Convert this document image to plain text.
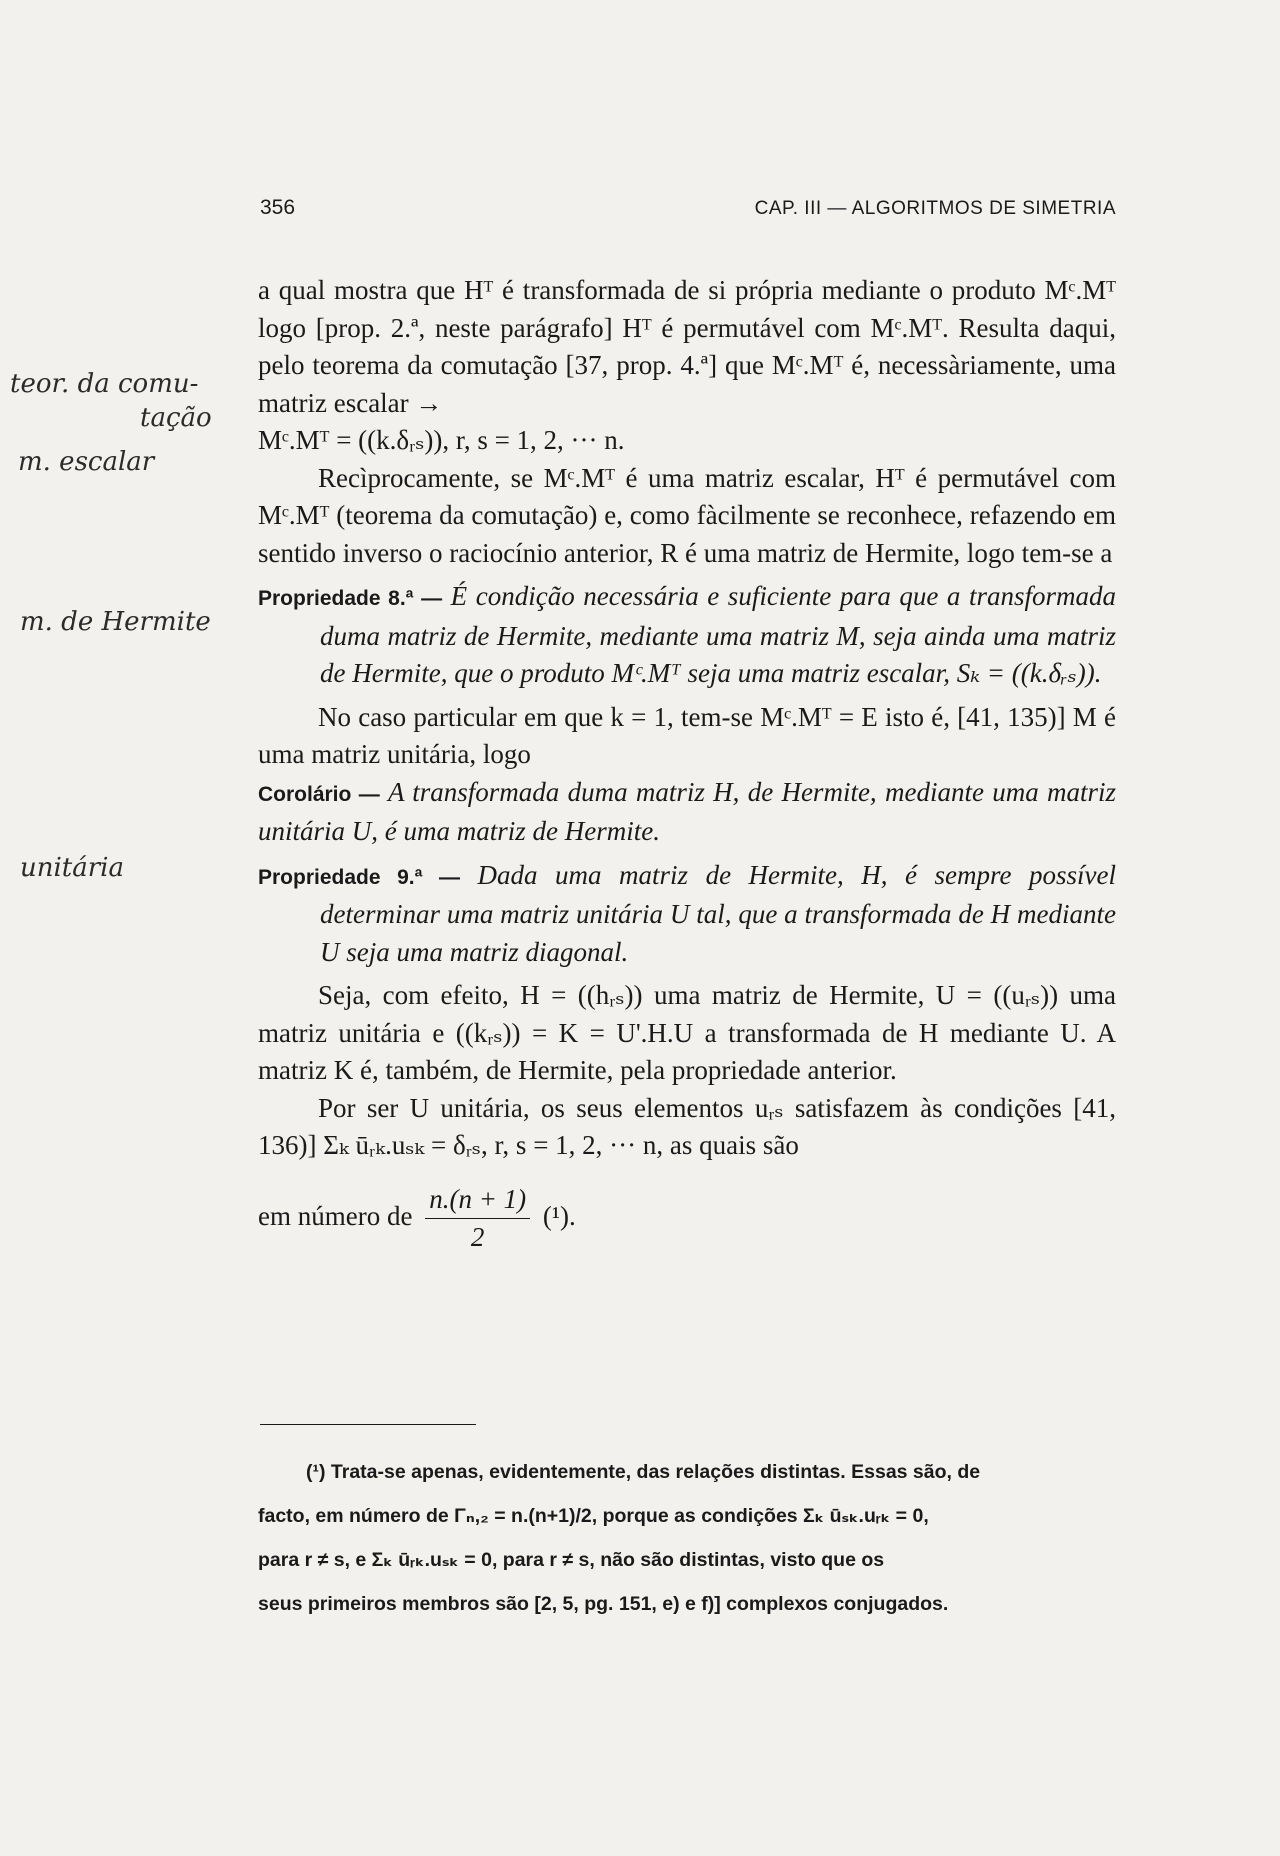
356	CAP. III — ALGORITMOS DE SIMETRIA

a qual mostra que Hᵀ é transformada de si própria mediante o produto Mᶜ.Mᵀ logo [prop. 2.ª, neste parágrafo] Hᵀ é permutável com Mᶜ.Mᵀ. Resulta daqui, pelo teorema da comutação [37, prop. 4.ª] que Mᶜ.Mᵀ é, necessàriamente, uma matriz escalar →

Mᶜ.Mᵀ = ((k.δᵣₛ)), r, s = 1, 2, ··· n.

Recìprocamente, se Mᶜ.Mᵀ é uma matriz escalar, Hᵀ é permutável com Mᶜ.Mᵀ (teorema da comutação) e, como fàcilmente se reconhece, refazendo em sentido inverso o raciocínio anterior, R é uma matriz de Hermite, logo tem-se a

Propriedade 8.ª — É condição necessária e suficiente para que a transformada duma matriz de Hermite, mediante uma matriz M, seja ainda uma matriz de Hermite, que o produto Mᶜ.Mᵀ seja uma matriz escalar, Sₖ = ((k.δᵣₛ)).

No caso particular em que k = 1, tem-se Mᶜ.Mᵀ = E isto é, [41, 135)] M é uma matriz unitária, logo

Corolário — A transformada duma matriz H, de Hermite, mediante uma matriz unitária U, é uma matriz de Hermite.

Propriedade 9.ª — Dada uma matriz de Hermite, H, é sempre possível determinar uma matriz unitária U tal, que a transformada de H mediante U seja uma matriz diagonal.

Seja, com efeito, H = ((hᵣₛ)) uma matriz de Hermite, U = ((uᵣₛ)) uma matriz unitária e ((kᵣₛ)) = K = U'.H.U a transformada de H mediante U. A matriz K é, também, de Hermite, pela propriedade anterior.

Por ser U unitária, os seus elementos uᵣₛ satisfazem às condições [41, 136)] Σₖ ūᵣₖ.uₛₖ = δᵣₛ, r, s = 1, 2, ··· n, as quais são

em número de $\frac{n.(n + 1)}{2} (^1)$.

(¹) Trata-se apenas, evidentemente, das relações distintas. Essas são, de

facto, em número de Γₙ,₂ = n.(n+1)/2, porque as condições Σₖ ūₛₖ.uᵣₖ = 0,
para r ≠ s, e Σₖ ūᵣₖ.uₛₖ = 0, para r ≠ s, não são distintas, visto que os
seus primeiros membros são [2, 5, pg. 151, e) e f)] complexos conjugados.
teor. da comu-
tação
m. escalar
m. de Hermite
unitária
